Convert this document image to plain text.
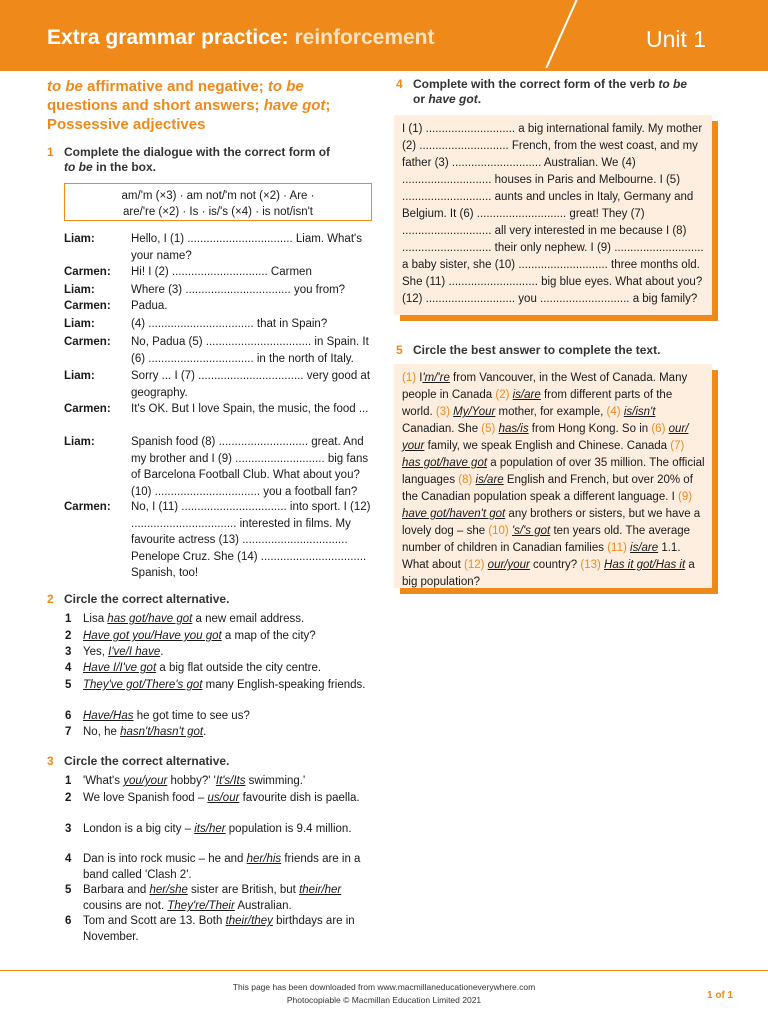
Extra grammar practice: reinforcement	Unit 1
to be affirmative and negative; to be questions and short answers; have got; Possessive adjectives
1 Complete the dialogue with the correct form of
to be in the box.
am/'m (×3) · am not/'m not (×2) · Are ·
are/'re (×2) · Is · is/'s (×4) · is not/isn't
Liam:	Hello, I (1) ................................. Liam. What's your name?
Carmen:	Hi! I (2) .............................. Carmen
Liam:	Where (3) ................................. you from?
Carmen:	Padua.
Liam:	(4) ................................. that in Spain?
Carmen:	No, Padua (5) ................................. in Spain. It (6) ................................. in the north of Italy.
Liam:	Sorry ... I (7) ................................. very good at geography.
Carmen:	It's OK. But I love Spain, the music, the food ...
Liam:	Spanish food (8) ............................ great. And my brother and I (9) ............................ big fans of Barcelona Football Club. What about you? (10) ................................. you a football fan?
Carmen:	No, I (11) ................................. into sport. I (12) ................................. interested in films. My favourite actress (13) ................................. Penelope Cruz. She (14) ................................. Spanish, too!
2 Circle the correct alternative.
1	Lisa has got/have got a new email address.
2	Have got you/Have you got a map of the city?
3	Yes, I've/I have.
4	Have I/I've got a big flat outside the city centre.
5	They've got/There's got many English-speaking friends.
6	Have/Has he got time to see us?
7	No, he hasn't/hasn't got.
3 Circle the correct alternative.
1	'What's you/your hobby?' 'It's/Its swimming.'
2	We love Spanish food – us/our favourite dish is paella.
3	London is a big city – its/her population is 9.4 million.
4	Dan is into rock music – he and her/his friends are in a band called 'Clash 2'.
5	Barbara and her/she sister are British, but their/her cousins are not. They're/Their Australian.
6	Tom and Scott are 13. Both their/they birthdays are in November.
4 Complete with the correct form of the verb to be
or have got.
I (1) ............................ a big international family. My mother (2) ............................ French, from the west coast, and my father (3) ............................ Australian. We (4) ............................ houses in Paris and Melbourne. I (5) ............................ aunts and uncles in Italy, Germany and Belgium. It (6) ............................ great! They (7) ............................ all very interested in me because I (8) ............................ their only nephew. I (9) ............................ a baby sister, she (10) ............................ three months old. She (11) ............................ big blue eyes. What about you? (12) ............................ you ............................ a big family?
5 Circle the best answer to complete the text.
(1) I'm/'re from Vancouver, in the West of Canada. Many people in Canada (2) is/are from different parts of the world. (3) My/Your mother, for example, (4) is/isn't Canadian. She (5) has/is from Hong Kong. So in (6) our/ your family, we speak English and Chinese. Canada (7) has got/have got a population of over 35 million. The official languages (8) is/are English and French, but over 20% of the Canadian population speak a different language. I (9) have got/haven't got any brothers or sisters, but we have a lovely dog – she (10) 's/'s got ten years old. The average number of children in Canadian families (11) is/are 1.1. What about (12) our/your country? (13) Has it got/Has it a big population?
This page has been downloaded from www.macmillaneducationeverywhere.com
Photocopiable © Macmillan Education Limited 2021	1 of 1
